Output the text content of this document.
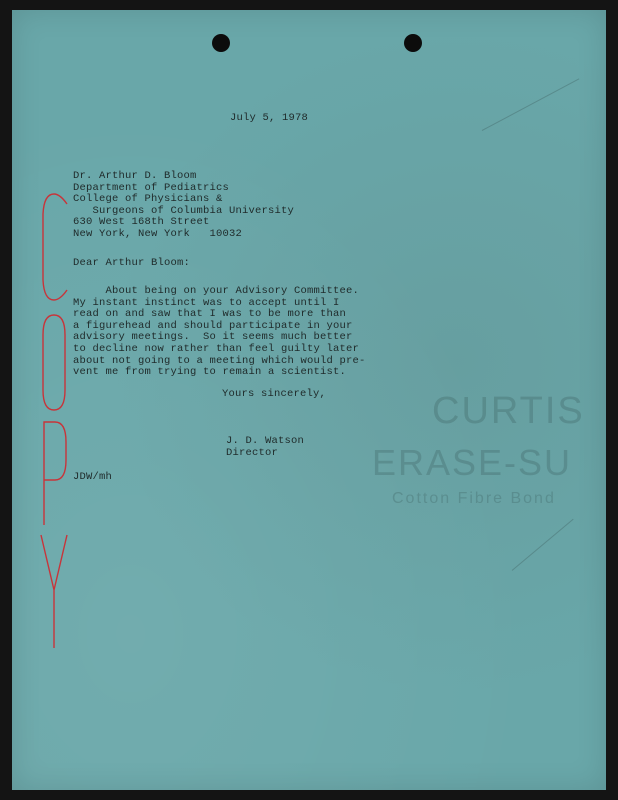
CURTIS
ERASE-SU
Cotton Fibre Bond
July 5, 1978
Dr. Arthur D. Bloom
Department of Pediatrics
College of Physicians &
Surgeons of Columbia University
630 West 168th Street
New York, New York   10032
Dear Arthur Bloom:
About being on your Advisory Committee.
My instant instinct was to accept until I
read on and saw that I was to be more than
a figurehead and should participate in your
advisory meetings.  So it seems much better
to decline now rather than feel guilty later
about not going to a meeting which would pre-
vent me from trying to remain a scientist.
Yours sincerely,
J. D. Watson
Director
JDW/mh
